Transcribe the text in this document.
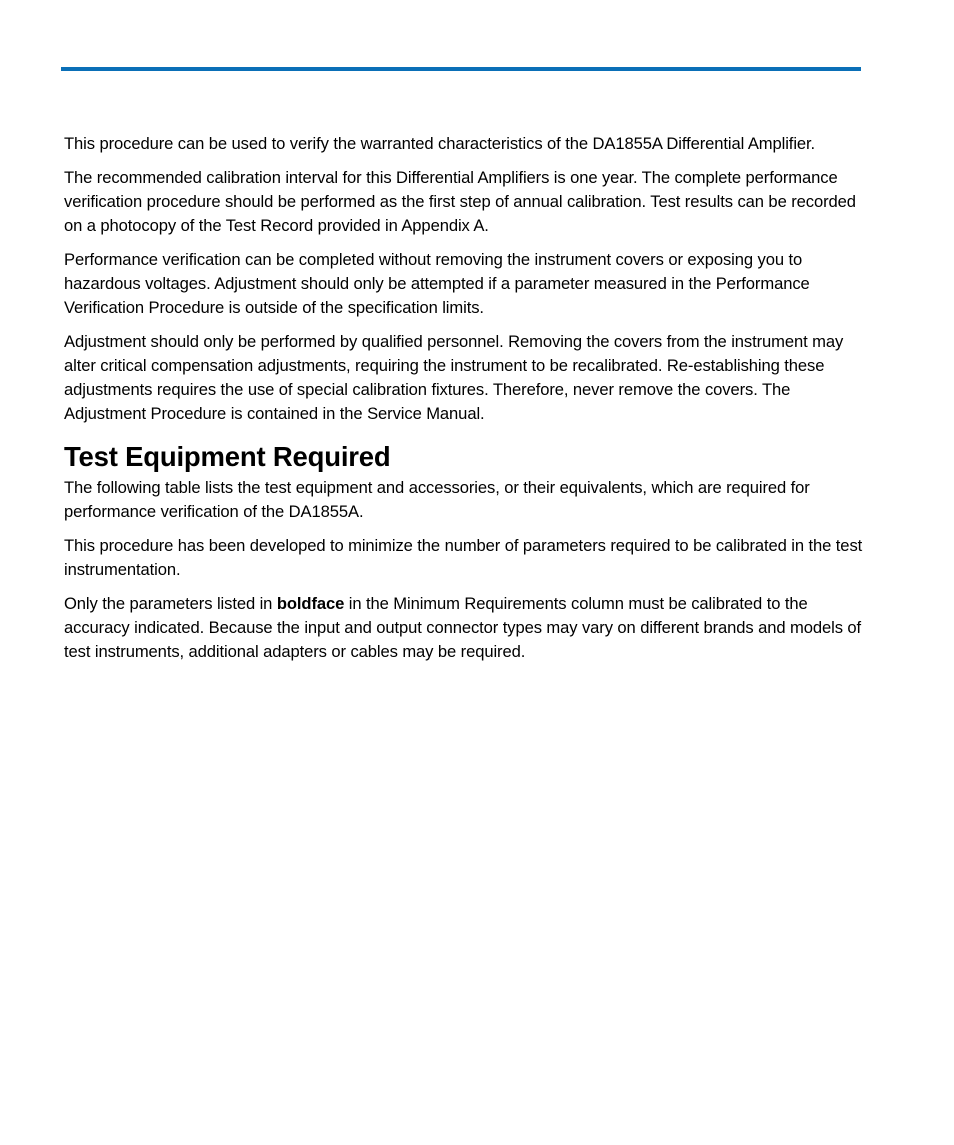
This procedure can be used to verify the warranted characteristics of the DA1855A Differential Amplifier.

The recommended calibration interval for this Differential Amplifiers is one year. The complete performance verification procedure should be performed as the first step of annual calibration. Test results can be recorded on a photocopy of the Test Record provided in Appendix A.

Performance verification can be completed without removing the instrument covers or exposing you to hazardous voltages. Adjustment should only be attempted if a parameter measured in the Performance Verification Procedure is outside of the specification limits.

Adjustment should only be performed by qualified personnel. Removing the covers from the instrument may alter critical compensation adjustments, requiring the instrument to be recalibrated. Re-establishing these adjustments requires the use of special calibration fixtures. Therefore, never remove the covers. The Adjustment Procedure is contained in the Service Manual.

Test Equipment Required

The following table lists the test equipment and accessories, or their equivalents, which are required for performance verification of the DA1855A.

This procedure has been developed to minimize the number of parameters required to be calibrated in the test instrumentation.

Only the parameters listed in boldface in the Minimum Requirements column must be calibrated to the accuracy indicated. Because the input and output connector types may vary on different brands and models of test instruments, additional adapters or cables may be required.
